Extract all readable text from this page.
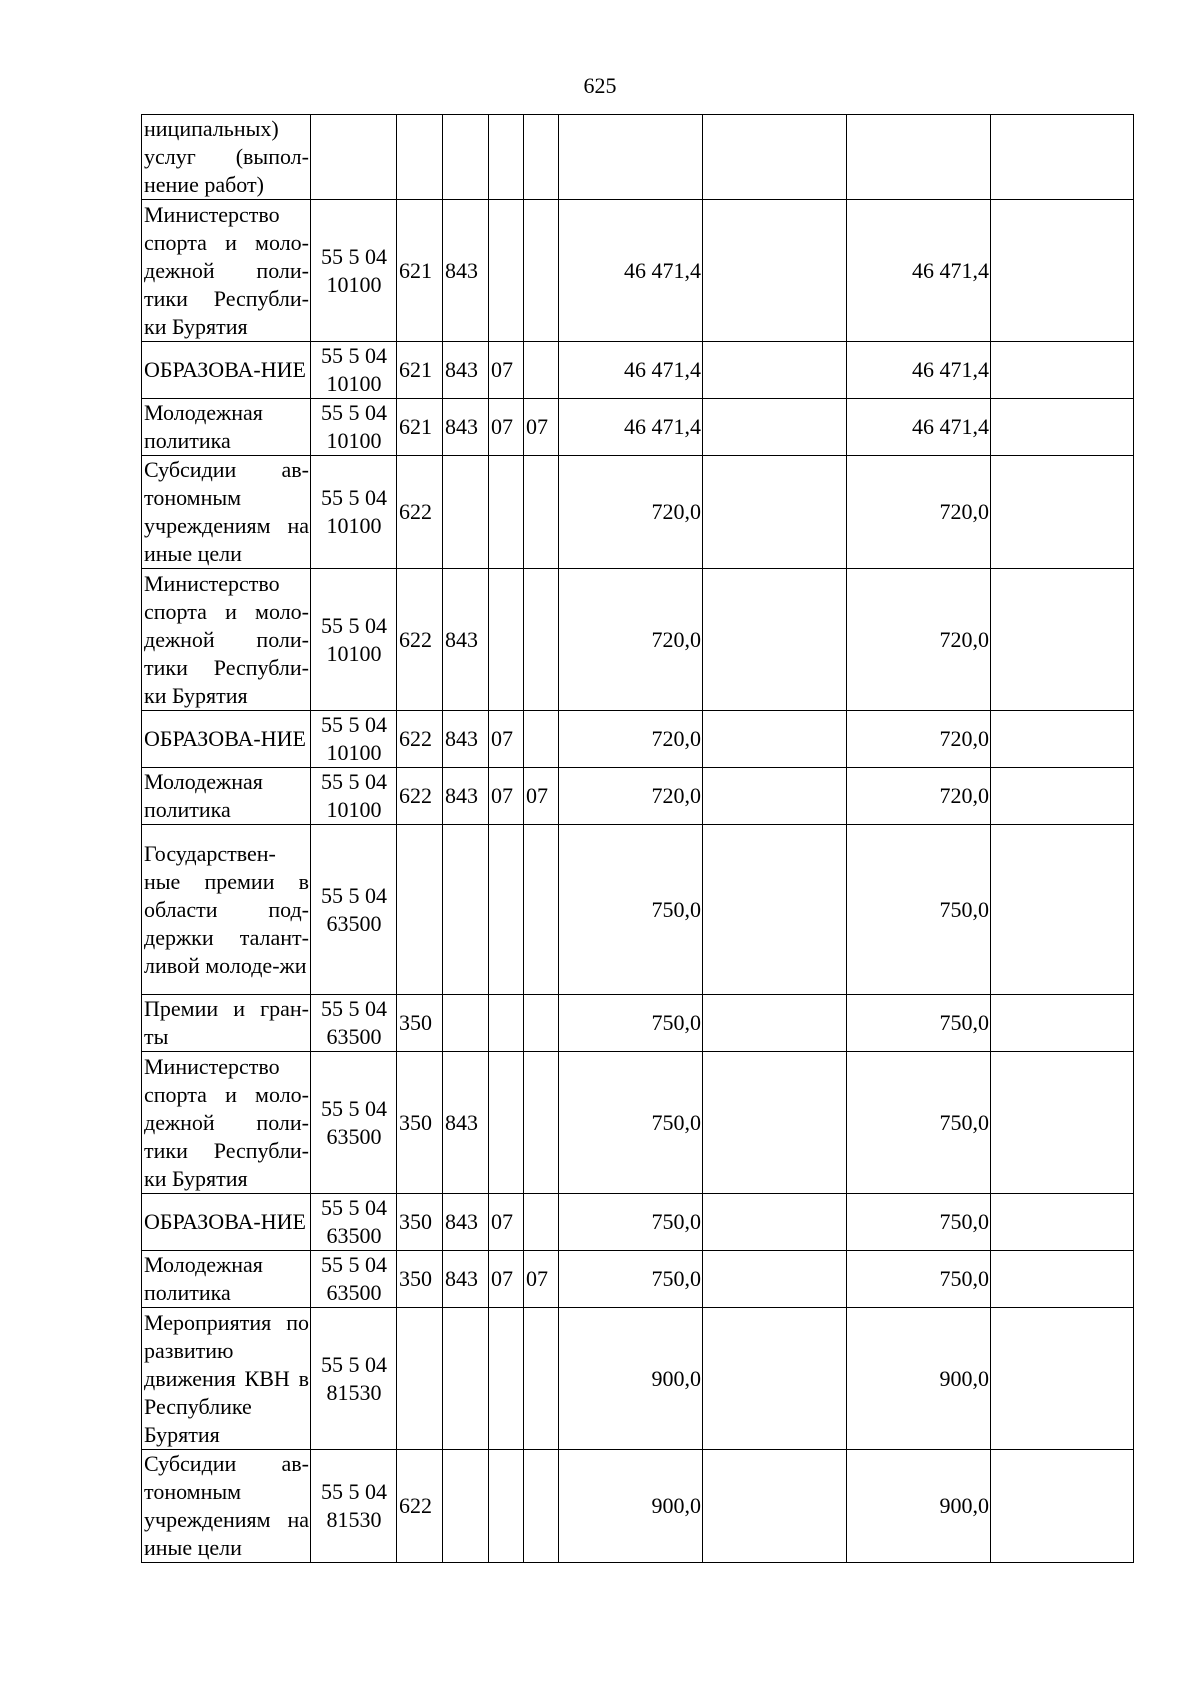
625
ниципальных) услуг (выпол-нение работ)									
Министерство спорта и моло-дежной поли-тики Республи-ки Бурятия	55 5 04 10100	621	843			46 471,4		46 471,4	
ОБРАЗОВА-НИЕ	55 5 04 10100	621	843	07		46 471,4		46 471,4	
Молодежная политика	55 5 04 10100	621	843	07	07	46 471,4		46 471,4	
Субсидии ав-тономным учреждениям на иные цели	55 5 04 10100	622				720,0		720,0	
Министерство спорта и моло-дежной поли-тики Республи-ки Бурятия	55 5 04 10100	622	843			720,0		720,0	
ОБРАЗОВА-НИЕ	55 5 04 10100	622	843	07		720,0		720,0	
Молодежная политика	55 5 04 10100	622	843	07	07	720,0		720,0	
Государствен-ные премии в области под-держки талант-ливой молоде-жи	55 5 04 63500					750,0		750,0	
Премии и гран-ты	55 5 04 63500	350				750,0		750,0	
Министерство спорта и моло-дежной поли-тики Республи-ки Бурятия	55 5 04 63500	350	843			750,0		750,0	
ОБРАЗОВА-НИЕ	55 5 04 63500	350	843	07		750,0		750,0	
Молодежная политика	55 5 04 63500	350	843	07	07	750,0		750,0	
Мероприятия по развитию движения КВН в Республике Бурятия	55 5 04 81530					900,0		900,0	
Субсидии ав-тономным учреждениям на иные цели	55 5 04 81530	622				900,0		900,0	
